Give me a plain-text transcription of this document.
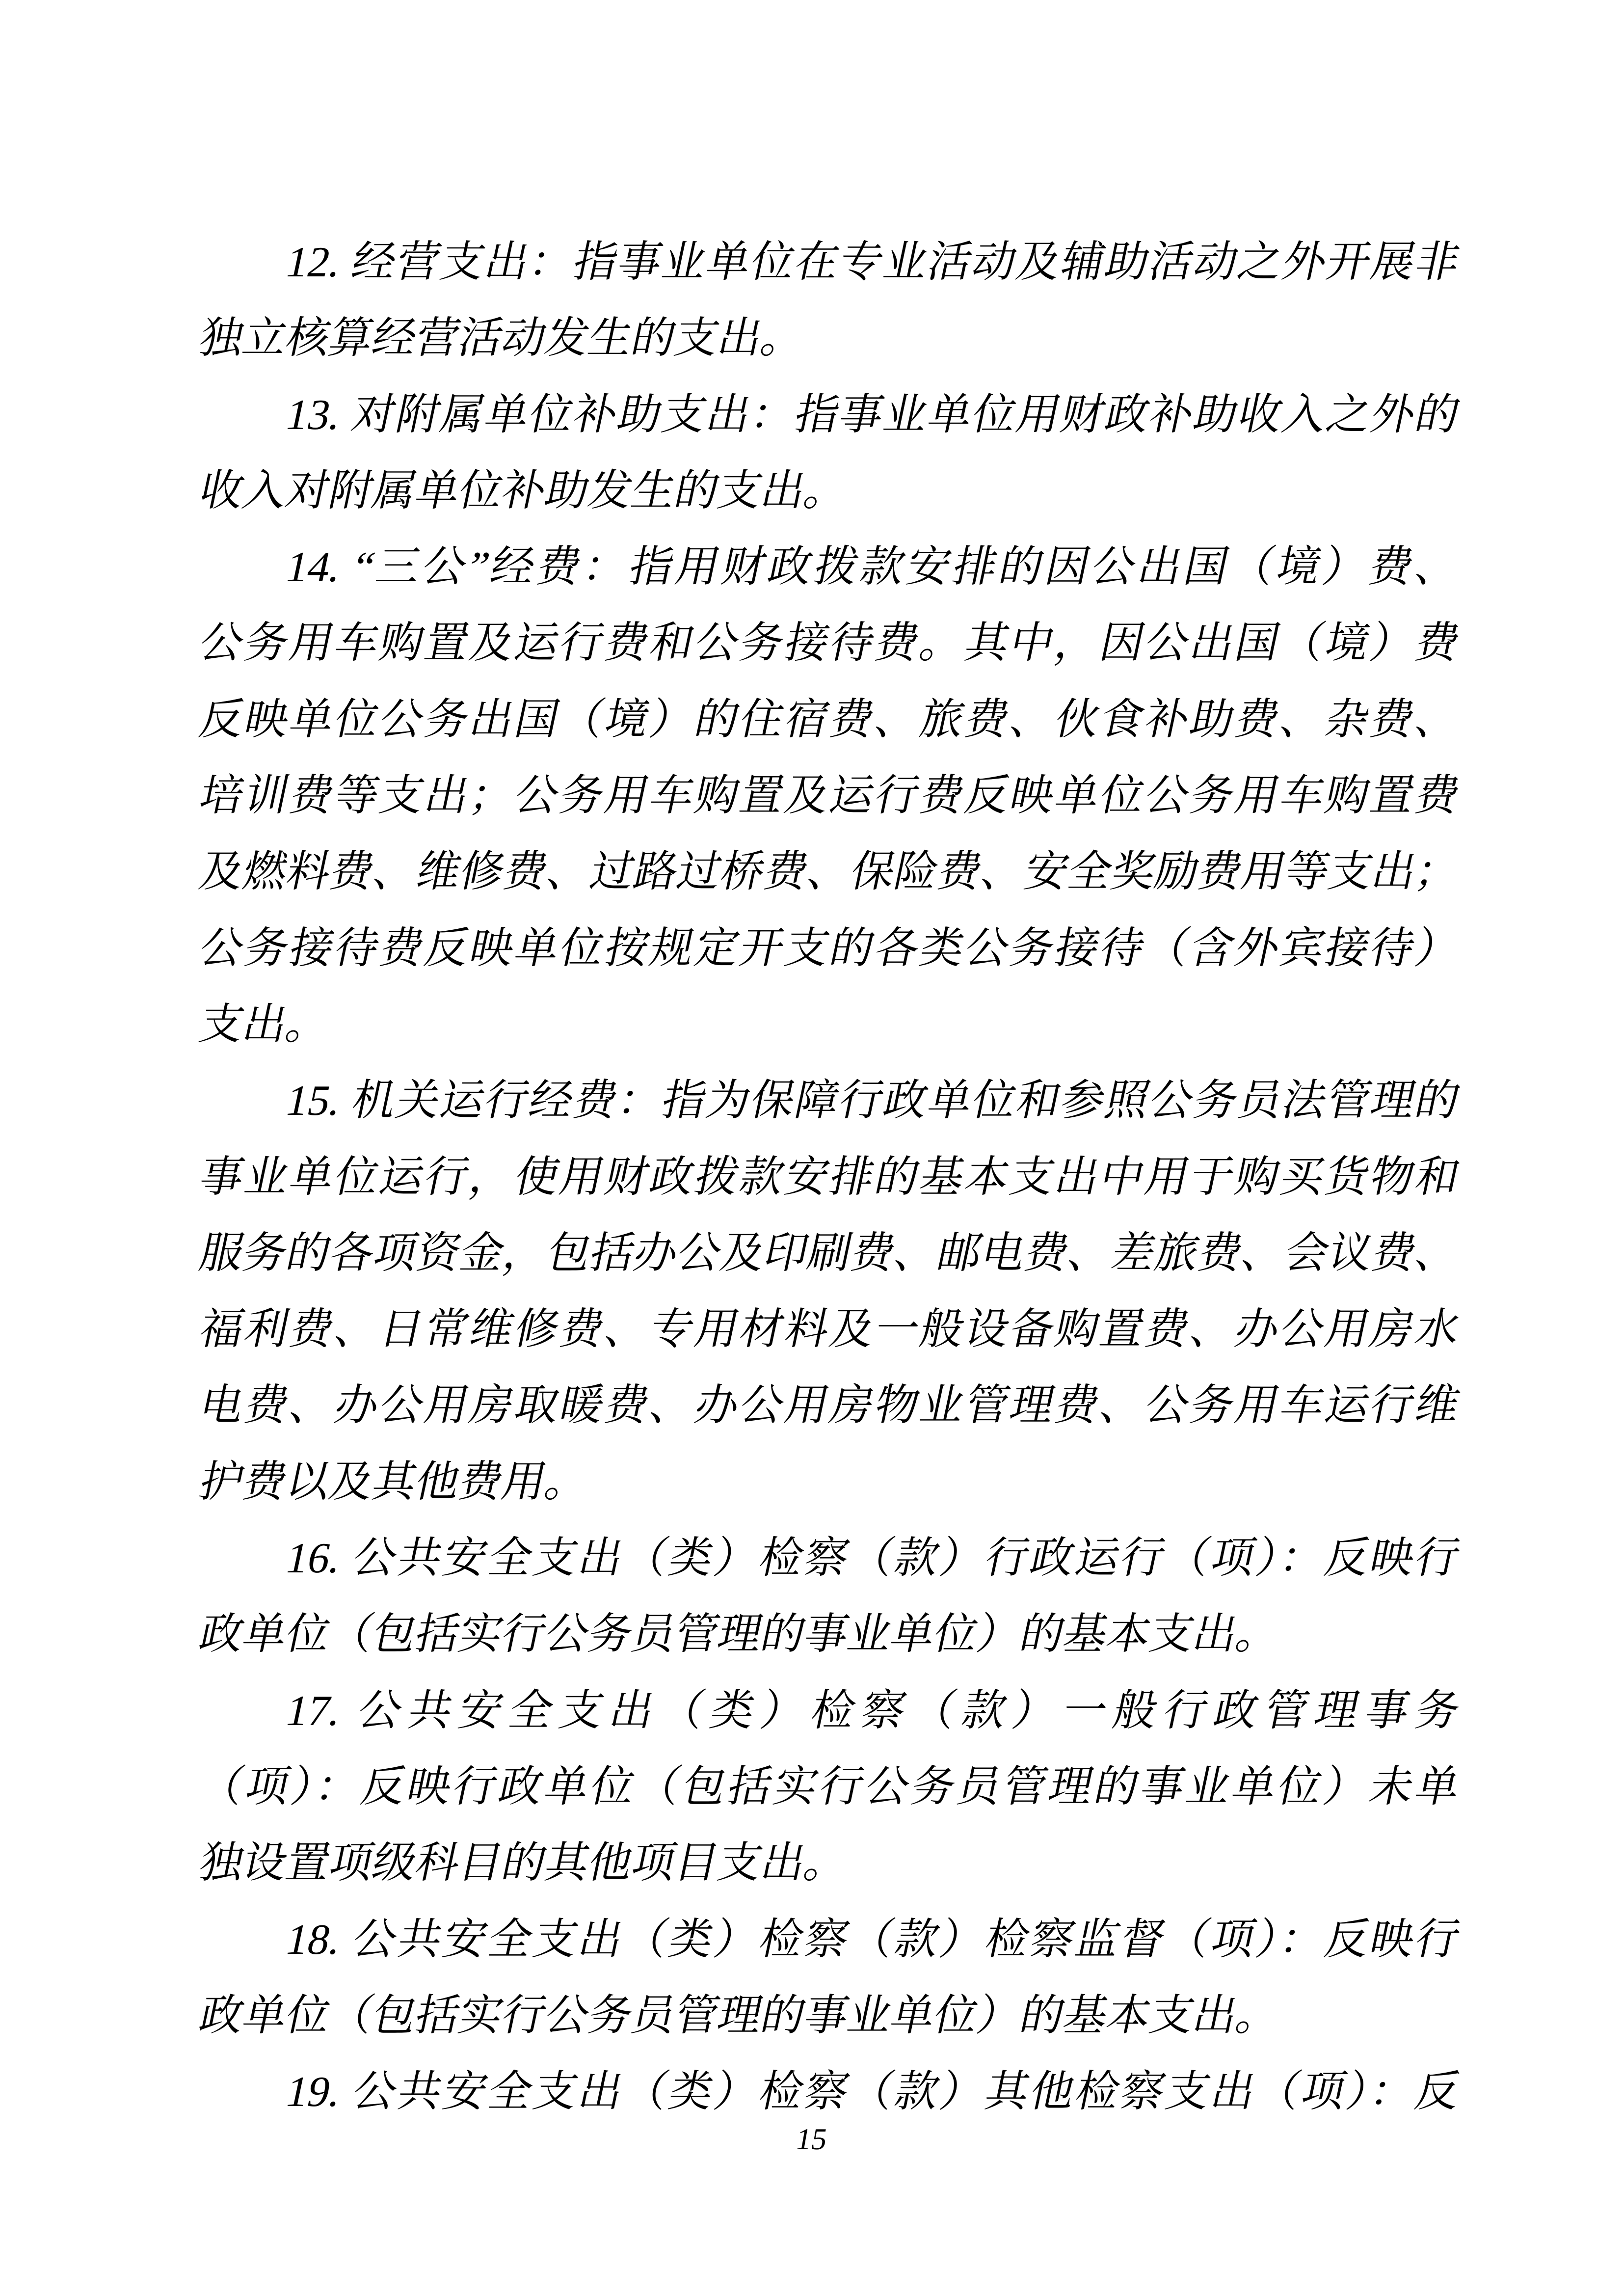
12. 经营支出：指事业单位在专业活动及辅助活动之外开展非
独立核算经营活动发生的支出。
13. 对附属单位补助支出：指事业单位用财政补助收入之外的
收入对附属单位补助发生的支出。
14. “三公”经费：指用财政拨款安排的因公出国（境）费、
公务用车购置及运行费和公务接待费。其中，因公出国（境）费
反映单位公务出国（境）的住宿费、旅费、伙食补助费、杂费、
培训费等支出；公务用车购置及运行费反映单位公务用车购置费
及燃料费、维修费、过路过桥费、保险费、安全奖励费用等支出；
公务接待费反映单位按规定开支的各类公务接待（含外宾接待）
支出。
15. 机关运行经费：指为保障行政单位和参照公务员法管理的
事业单位运行，使用财政拨款安排的基本支出中用于购买货物和
服务的各项资金，包括办公及印刷费、邮电费、差旅费、会议费、
福利费、日常维修费、专用材料及一般设备购置费、办公用房水
电费、办公用房取暖费、办公用房物业管理费、公务用车运行维
护费以及其他费用。
16. 公共安全支出（类）检察（款）行政运行（项）：反映行
政单位（包括实行公务员管理的事业单位）的基本支出。
17. 公共安全支出（类）检察（款）一般行政管理事务
（项）：反映行政单位（包括实行公务员管理的事业单位）未单
独设置项级科目的其他项目支出。
18. 公共安全支出（类）检察（款）检察监督（项）：反映行
政单位（包括实行公务员管理的事业单位）的基本支出。
19. 公共安全支出（类）检察（款）其他检察支出（项）：反
15
